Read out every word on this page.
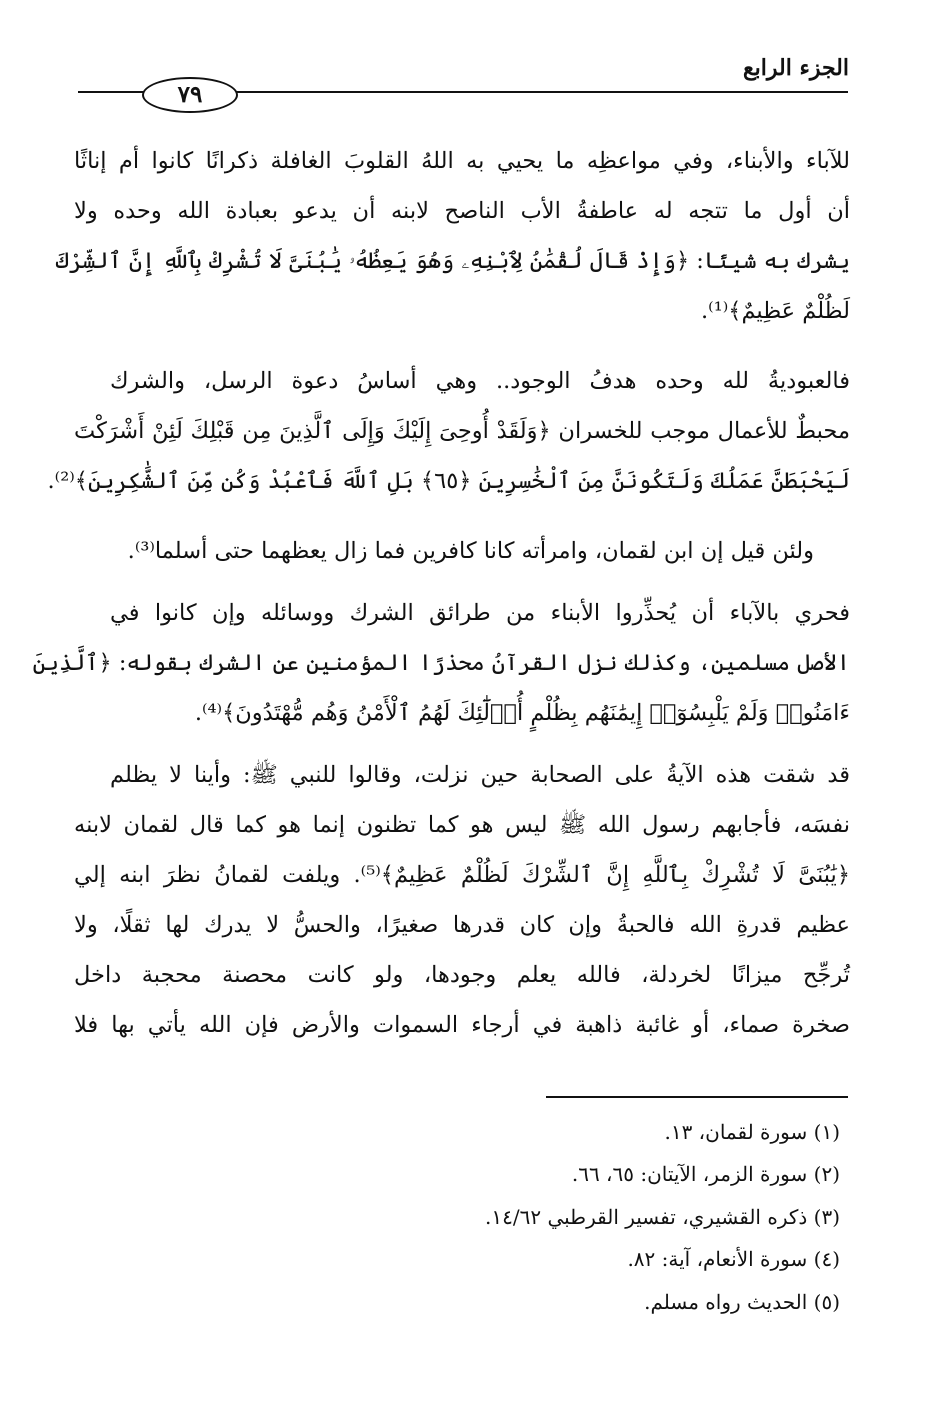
٧٩
الجزء الرابع
للآباء والأبناء، وفي مواعظِه ما يحيي به اللهُ القلوبَ الغافلة ذكرانًا كانوا أم إناثًا
أن أول ما تتجه له عاطفةُ الأب الناصح لابنه أن يدعو بعبادة الله وحده ولا
يشرك به شيئًا: ﴿وَإِذْ قَالَ لُقْمَٰنُ لِٱبْنِهِۦ وَهُوَ يَعِظُهُۥ يَٰبُنَىَّ لَا تُشْرِكْ بِٱللَّهِ إِنَّ ٱلشِّرْكَ
لَظُلْمٌ عَظِيمٌ﴾⁽¹⁾.
فالعبوديةُ لله وحده هدفُ الوجود.. وهي أساسُ دعوة الرسل، والشرك
محبطٌ للأعمال موجب للخسران ﴿وَلَقَدْ أُوحِىَ إِلَيْكَ وَإِلَى ٱلَّذِينَ مِن قَبْلِكَ لَئِنْ أَشْرَكْتَ
لَيَحْبَطَنَّ عَمَلُكَ وَلَتَكُونَنَّ مِنَ ٱلْخَٰسِرِينَ ﴿٦٥﴾ بَلِ ٱللَّهَ فَٱعْبُدْ وَكُن مِّنَ ٱلشَّٰكِرِينَ﴾⁽²⁾.
ولئن قيل إن ابن لقمان، وامرأته كانا كافرين فما زال يعظهما حتى أسلما⁽³⁾.
فحري بالآباء أن يُحذِّروا الأبناء من طرائق الشرك ووسائله وإن كانوا في
الأصل مسلمين، وكذلك نزل القرآنُ محذرًا المؤمنين عن الشرك بقوله: ﴿ٱلَّذِينَ
ءَامَنُوا۟ وَلَمْ يَلْبِسُوٓا۟ إِيمَٰنَهُم بِظُلْمٍ أُو۟لَٰٓئِكَ لَهُمُ ٱلْأَمْنُ وَهُم مُّهْتَدُونَ﴾⁽⁴⁾.
قد شقت هذه الآيةُ على الصحابة حين نزلت، وقالوا للنبي ﷺ: وأينا لا يظلم
نفسَه، فأجابهم رسول الله ﷺ ليس هو كما تظنون إنما هو كما قال لقمان لابنه
﴿يَٰبُنَىَّ لَا تُشْرِكْ بِٱللَّهِ إِنَّ ٱلشِّرْكَ لَظُلْمٌ عَظِيمٌ﴾⁽⁵⁾. ويلفت لقمانُ نظرَ ابنه إلي
عظيم قدرةِ الله فالحبةُ وإن كان قدرها صغيرًا، والحسُّ لا يدرك لها ثقلًا، ولا
تُرجِّح ميزانًا لخردلة، فالله يعلم وجودها، ولو كانت محصنة محجبة داخل
صخرة صماء، أو غائبة ذاهبة في أرجاء السموات والأرض فإن الله يأتي بها فلا
(١) سورة لقمان، ١٣.
(٢) سورة الزمر، الآيتان: ٦٥، ٦٦.
(٣) ذكره القشيري، تفسير القرطبي ١٤/٦٢.
(٤) سورة الأنعام، آية: ٨٢.
(٥) الحديث رواه مسلم.
